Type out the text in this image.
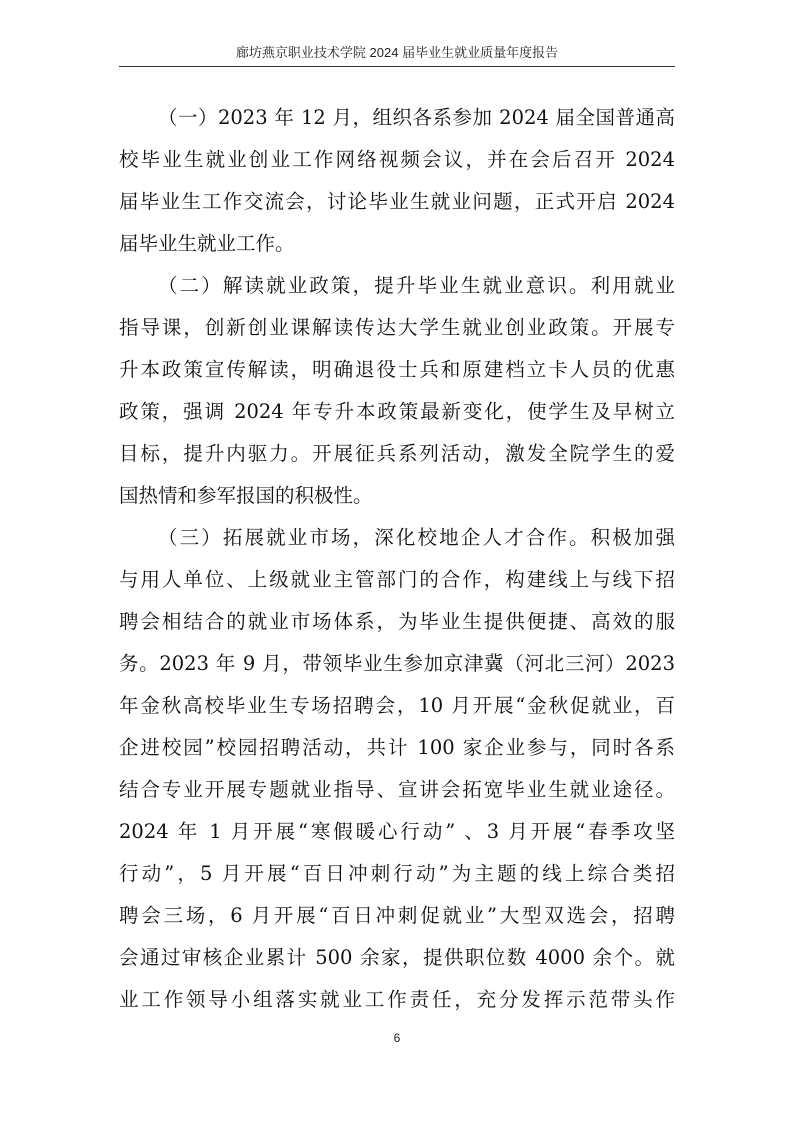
廊坊燕京职业技术学院 2024 届毕业生就业质量年度报告
（一）2023 年 12 月，组织各系参加 2024 届全国普通高
校毕业生就业创业工作网络视频会议，并在会后召开 2024
届毕业生工作交流会，讨论毕业生就业问题，正式开启 2024
届毕业生就业工作。
（二）解读就业政策，提升毕业生就业意识。利用就业
指导课，创新创业课解读传达大学生就业创业政策。开展专
升本政策宣传解读，明确退役士兵和原建档立卡人员的优惠
政策，强调 2024 年专升本政策最新变化，使学生及早树立
目标，提升内驱力。开展征兵系列活动，激发全院学生的爱
国热情和参军报国的积极性。
（三）拓展就业市场，深化校地企人才合作。积极加强
与用人单位、上级就业主管部门的合作，构建线上与线下招
聘会相结合的就业市场体系，为毕业生提供便捷、高效的服
务。2023 年 9 月，带领毕业生参加京津冀（河北三河）2023
年金秋高校毕业生专场招聘会，10 月开展“金秋促就业，百
企进校园”校园招聘活动，共计 100 家企业参与，同时各系
结合专业开展专题就业指导、宣讲会拓宽毕业生就业途径。
2024 年 1 月开展“寒假暖心行动” 、3 月开展“春季攻坚
行动”，5 月开展“百日冲刺行动”为主题的线上综合类招
聘会三场，6 月开展“百日冲刺促就业”大型双选会，招聘
会通过审核企业累计 500 余家，提供职位数 4000 余个。就
业工作领导小组落实就业工作责任，充分发挥示范带头作
6
